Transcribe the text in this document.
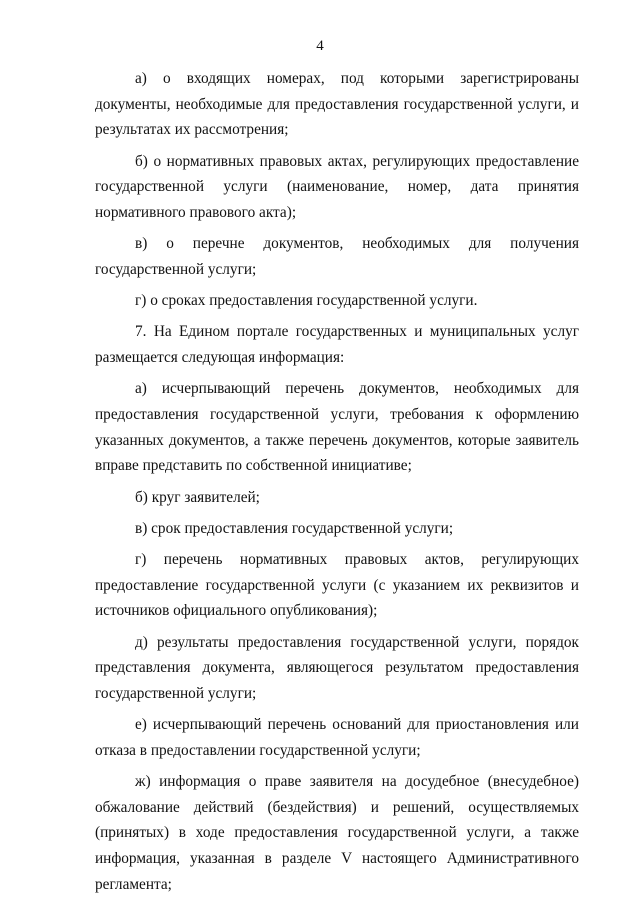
4

а) о входящих номерах, под которыми зарегистрированы документы, необходимые для предоставления государственной услуги, и результатах их рассмотрения;

б) о нормативных правовых актах, регулирующих предоставление государственной услуги (наименование, номер, дата принятия нормативного правового акта);

в) о перечне документов, необходимых для получения государственной услуги;

г) о сроках предоставления государственной услуги.

7. На Едином портале государственных и муниципальных услуг размещается следующая информация:

а) исчерпывающий перечень документов, необходимых для предоставления государственной услуги, требования к оформлению указанных документов, а также перечень документов, которые заявитель вправе представить по собственной инициативе;

б) круг заявителей;

в) срок предоставления государственной услуги;

г) перечень нормативных правовых актов, регулирующих предоставление государственной услуги (с указанием их реквизитов и источников официального опубликования);

д) результаты предоставления государственной услуги, порядок представления документа, являющегося результатом предоставления государственной услуги;

е) исчерпывающий перечень оснований для приостановления или отказа в предоставлении государственной услуги;

ж) информация о праве заявителя на досудебное (внесудебное) обжалование действий (бездействия) и решений, осуществляемых (принятых) в ходе предоставления государственной услуги, а также информация, указанная в разделе V настоящего Административного регламента;
